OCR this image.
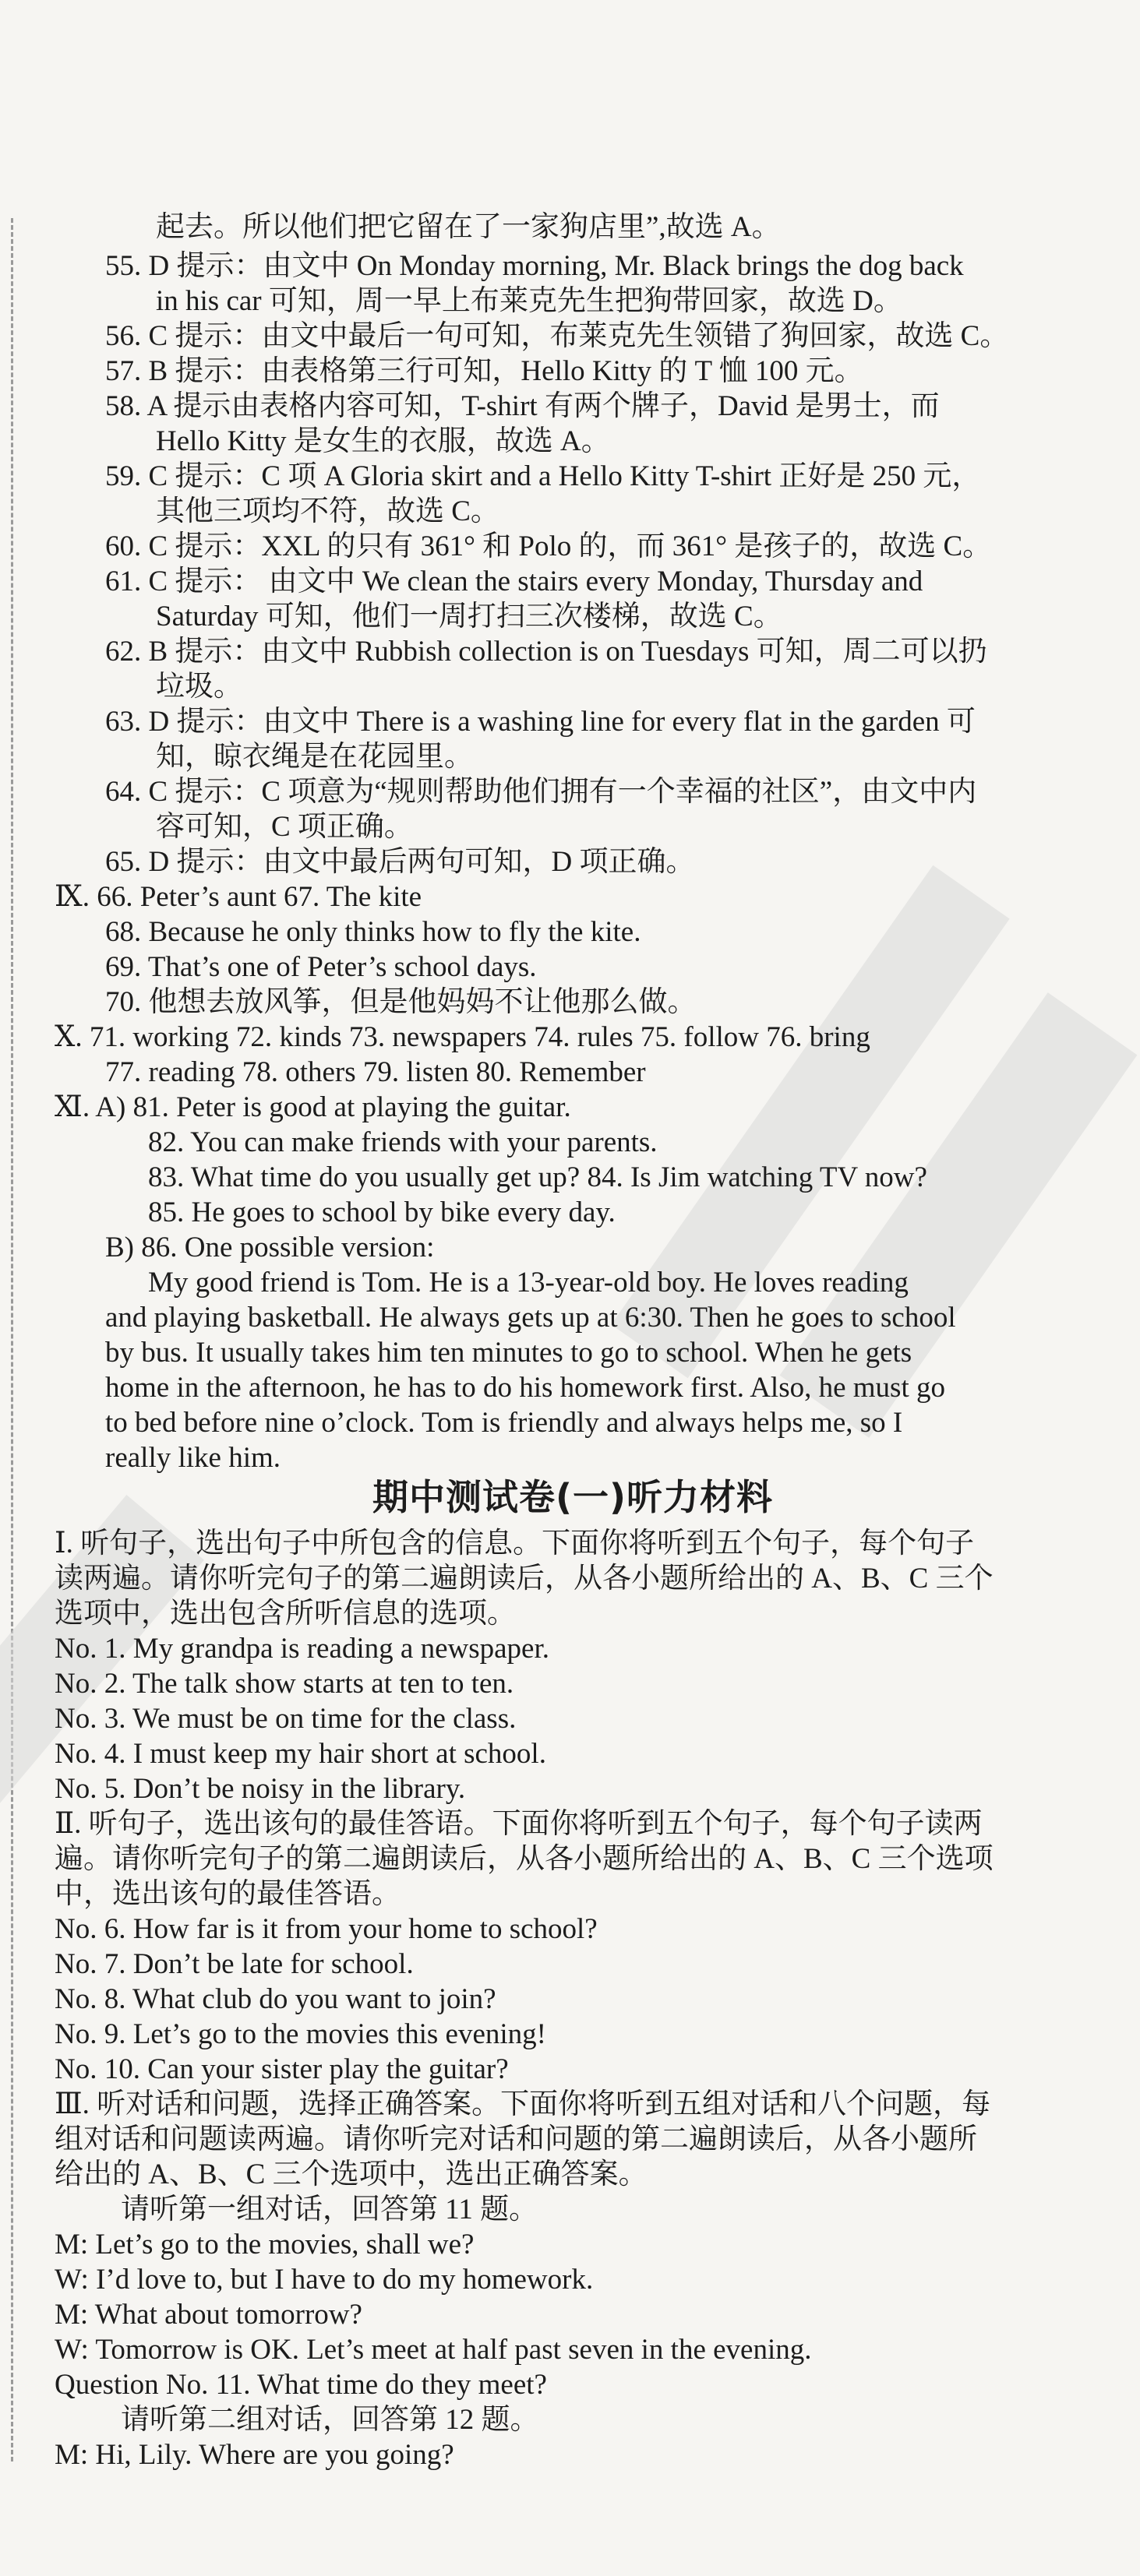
起去。所以他们把它留在了一家狗店里”,故选 A。
55. D 提示：由文中 On Monday morning, Mr. Black brings the dog back
in his car 可知，周一早上布莱克先生把狗带回家，故选 D。
56. C 提示：由文中最后一句可知，布莱克先生领错了狗回家，故选 C。
57. B 提示：由表格第三行可知，Hello Kitty 的 T 恤 100 元。
58. A 提示由表格内容可知，T-shirt 有两个牌子，David 是男士，而
Hello Kitty 是女生的衣服，故选 A。
59. C 提示：C 项 A Gloria skirt and a Hello Kitty T-shirt 正好是 250 元，
其他三项均不符，故选 C。
60. C 提示：XXL 的只有 361° 和 Polo 的，而 361° 是孩子的，故选 C。
61. C 提示： 由文中 We clean the stairs every Monday, Thursday and
Saturday 可知，他们一周打扫三次楼梯，故选 C。
62. B 提示：由文中 Rubbish collection is on Tuesdays 可知，周二可以扔
垃圾。
63. D 提示：由文中 There is a washing line for every flat in the garden 可
知，晾衣绳是在花园里。
64. C 提示：C 项意为“规则帮助他们拥有一个幸福的社区”，由文中内
容可知，C 项正确。
65. D 提示：由文中最后两句可知，D 项正确。
Ⅸ. 66. Peter’s aunt 67. The kite
68. Because he only thinks how to fly the kite.
69. That’s one of Peter’s school days.
70. 他想去放风筝，但是他妈妈不让他那么做。
Ⅹ. 71. working 72. kinds 73. newspapers 74. rules 75. follow 76. bring
77. reading 78. others 79. listen 80. Remember
Ⅺ. A) 81. Peter is good at playing the guitar.
82. You can make friends with your parents.
83. What time do you usually get up? 84. Is Jim watching TV now?
85. He goes to school by bike every day.
B) 86. One possible version:
My good friend is Tom. He is a 13-year-old boy. He loves reading
and playing basketball. He always gets up at 6:30. Then he goes to school
by bus. It usually takes him ten minutes to go to school. When he gets
home in the afternoon, he has to do his homework first. Also, he must go
to bed before nine o’clock. Tom is friendly and always helps me, so I
really like him.
期中测试卷(一)听力材料
Ⅰ. 听句子，选出句子中所包含的信息。下面你将听到五个句子，每个句子
读两遍。请你听完句子的第二遍朗读后，从各小题所给出的 A、B、C 三个
选项中，选出包含所听信息的选项。
No. 1. My grandpa is reading a newspaper.
No. 2. The talk show starts at ten to ten.
No. 3. We must be on time for the class.
No. 4. I must keep my hair short at school.
No. 5. Don’t be noisy in the library.
Ⅱ. 听句子，选出该句的最佳答语。下面你将听到五个句子，每个句子读两
遍。请你听完句子的第二遍朗读后，从各小题所给出的 A、B、C 三个选项
中，选出该句的最佳答语。
No. 6. How far is it from your home to school?
No. 7. Don’t be late for school.
No. 8. What club do you want to join?
No. 9. Let’s go to the movies this evening!
No. 10. Can your sister play the guitar?
Ⅲ. 听对话和问题，选择正确答案。下面你将听到五组对话和八个问题，每
组对话和问题读两遍。请你听完对话和问题的第二遍朗读后，从各小题所
给出的 A、B、C 三个选项中，选出正确答案。
请听第一组对话，回答第 11 题。
M: Let’s go to the movies, shall we?
W: I’d love to, but I have to do my homework.
M: What about tomorrow?
W: Tomorrow is OK. Let’s meet at half past seven in the evening.
Question No. 11. What time do they meet?
请听第二组对话，回答第 12 题。
M: Hi, Lily. Where are you going?
